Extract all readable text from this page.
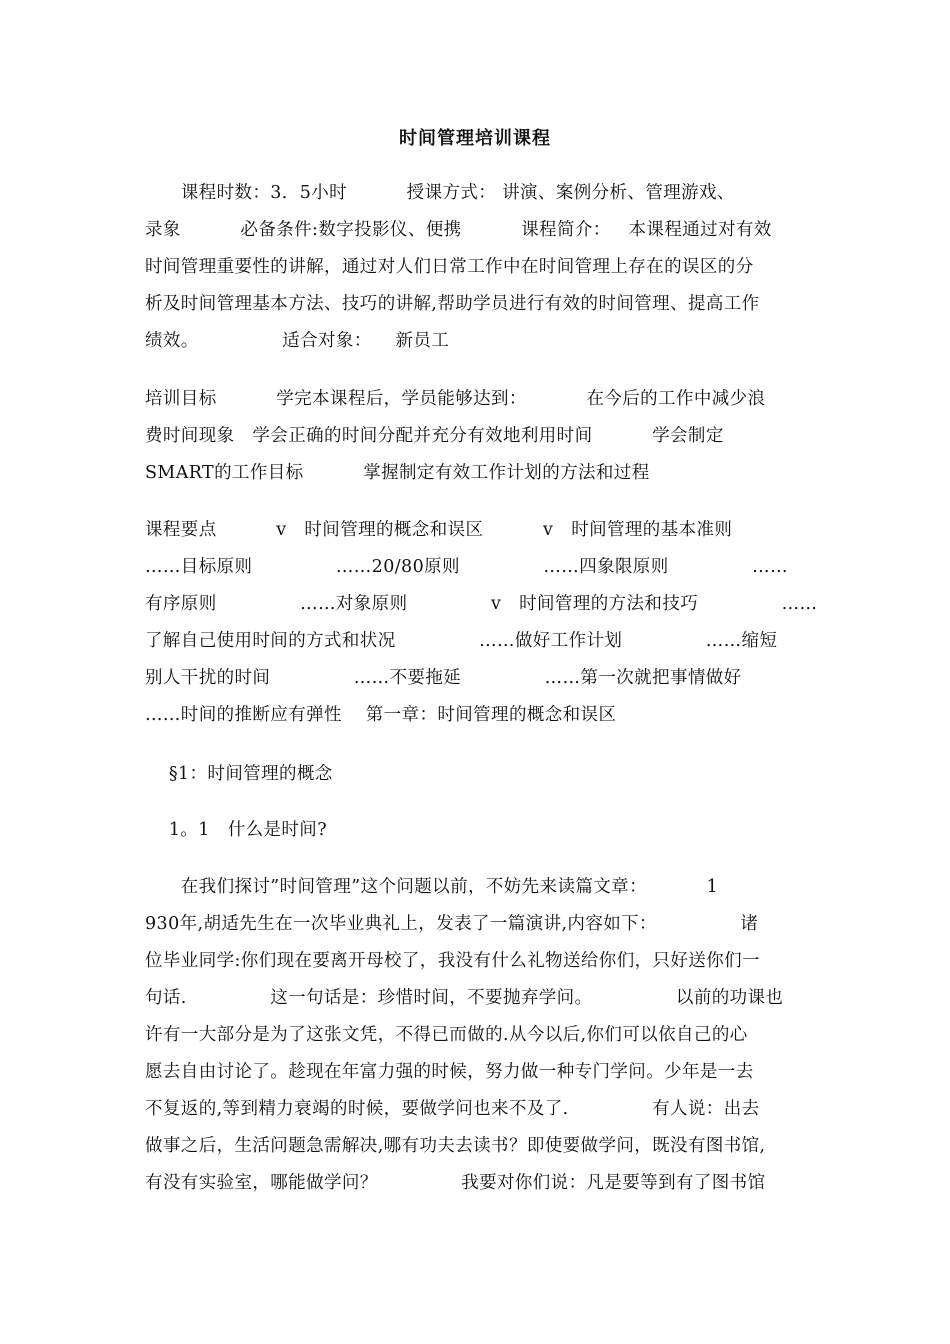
时间管理培训课程
课程时数：3．5小时          授课方式： 讲演、案例分析、管理游戏、
录象          必备条件:数字投影仪、便携          课程简介：   本课程通过对有效
时间管理重要性的讲解，通过对人们日常工作中在时间管理上存在的误区的分
析及时间管理基本方法、技巧的讲解,帮助学员进行有效的时间管理、提高工作
绩效。              适合对象：    新员工
培训目标          学完本课程后，学员能够达到：          在今后的工作中减少浪
费时间现象   学会正确的时间分配并充分有效地利用时间          学会制定
SMART的工作目标          掌握制定有效工作计划的方法和过程
课程要点          v   时间管理的概念和误区          v   时间管理的基本准则
……目标原则              ……20/80原则              ……四象限原则              ……
有序原则              ……对象原则              v   时间管理的方法和技巧              ……
了解自己使用时间的方式和状况              ……做好工作计划              ……缩短
别人干扰的时间              ……不要拖延              ……第一次就把事情做好
……时间的推断应有弹性    第一章：时间管理的概念和误区
§1：时间管理的概念
1。1   什么是时间?
在我们探讨”时间管理”这个问题以前，不妨先来读篇文章：          1
930年,胡适先生在一次毕业典礼上，发表了一篇演讲,内容如下：              诸
位毕业同学:你们现在要离开母校了，我没有什么礼物送给你们，只好送你们一
句话.              这一句话是：珍惜时间，不要抛弃学问。              以前的功课也
许有一大部分是为了这张文凭，不得已而做的.从今以后,你们可以依自己的心
愿去自由讨论了。趁现在年富力强的时候，努力做一种专门学问。少年是一去
不复返的,等到精力衰竭的时候，要做学问也来不及了.              有人说：出去
做事之后，生活问题急需解决,哪有功夫去读书？即使要做学问，既没有图书馆,
有没有实验室，哪能做学问？              我要对你们说：凡是要等到有了图书馆
